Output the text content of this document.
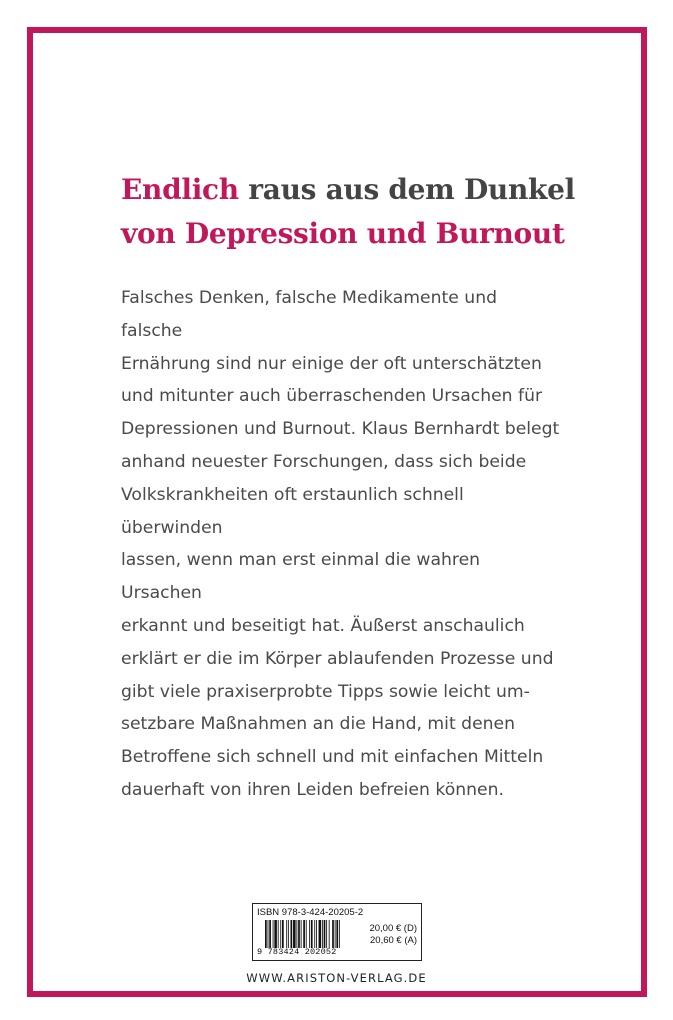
Endlich raus aus dem Dunkel
von Depression und Burnout

Falsches Denken, falsche Medikamente und falsche
Ernährung sind nur einige der oft unterschätzten
und mitunter auch überraschenden Ursachen für
Depressionen und Burnout. Klaus Bernhardt belegt
anhand neuester Forschungen, dass sich beide
Volkskrankheiten oft erstaunlich schnell überwinden
lassen, wenn man erst einmal die wahren Ursachen
erkannt und beseitigt hat. Äußerst anschaulich
erklärt er die im Körper ablaufenden Prozesse und
gibt viele praxiserprobte Tipps sowie leicht um-
setzbare Maßnahmen an die Hand, mit denen
Betroffene sich schnell und mit einfachen Mitteln
dauerhaft von ihren Leiden befreien können.

ISBN 978-3-424-20205-2
9 783424 202052
20,00 € (D)
20,60 € (A)
WWW.ARISTON-VERLAG.DE
